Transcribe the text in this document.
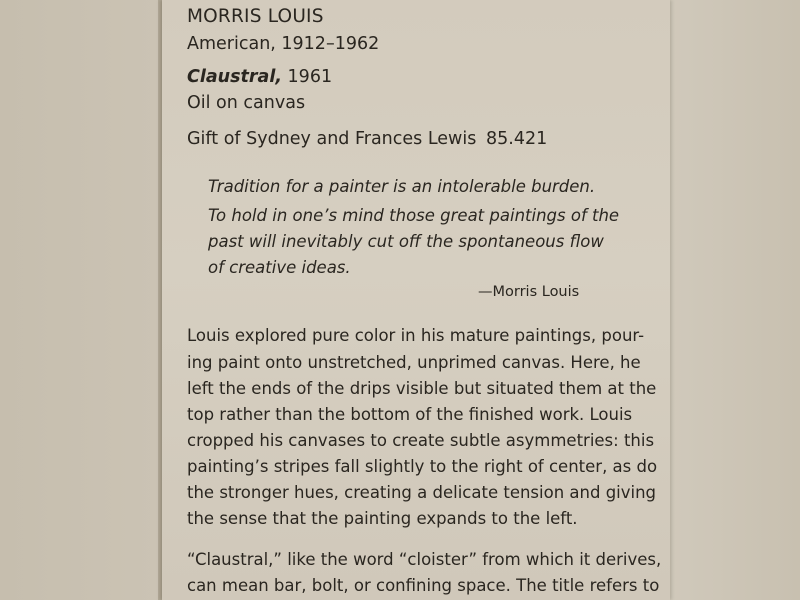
MORRIS LOUIS
American, 1912–1962
Claustral, 1961
Oil on canvas
Gift of Sydney and Frances Lewis 85.421
Tradition for a painter is an intolerable burden.
To hold in one’s mind those great paintings of the
past will inevitably cut off the spontaneous flow
of creative ideas.
—Morris Louis
Louis explored pure color in his mature paintings, pour-
ing paint onto unstretched, unprimed canvas. Here, he
left the ends of the drips visible but situated them at the
top rather than the bottom of the finished work. Louis
cropped his canvases to create subtle asymmetries: this
painting’s stripes fall slightly to the right of center, as do
the stronger hues, creating a delicate tension and giving
the sense that the painting expands to the left.
“Claustral,” like the word “cloister” from which it derives,
can mean bar, bolt, or confining space. The title refers to
